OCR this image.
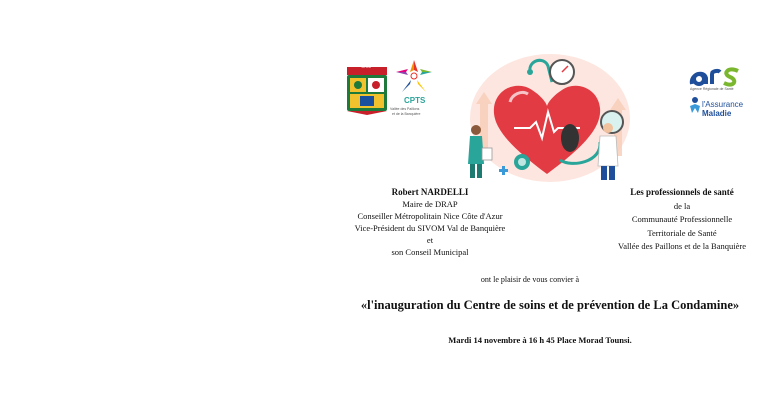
DRAP
CPTS
Vallée des Paillons
et de la Banquière
Agence Régionale de Santé
l'Assurance
Maladie
Robert NARDELLI
Maire de DRAP
Conseiller Métropolitain Nice Côte d'Azur
Vice-Président du SIVOM Val de Banquière
et
son Conseil Municipal
Les professionnels de santé
de la
Communauté Professionnelle
Territoriale de Santé
Vallée des Paillons et de la Banquière
ont le plaisir de vous convier à
«l'inauguration du Centre de soins et de prévention de La Condamine»
Mardi 14 novembre à 16 h 45 Place Morad Tounsi.
